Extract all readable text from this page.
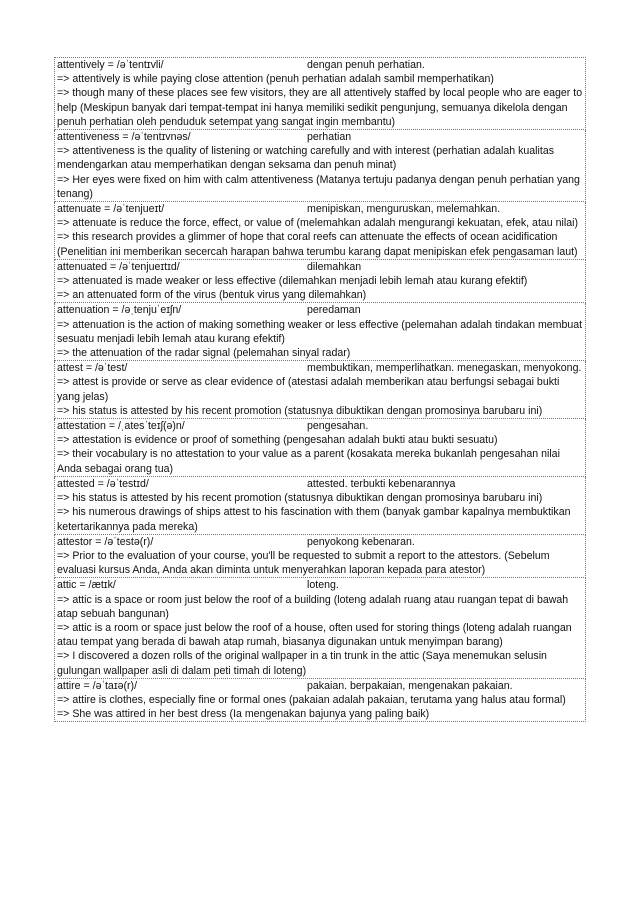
attentively = /əˈtentɪvli/	dengan penuh perhatian.
=> attentively is while paying close attention (penuh perhatian adalah sambil memperhatikan)
=> though many of these places see few visitors, they are all attentively staffed by local people who are eager to help (Meskipun banyak dari tempat-tempat ini hanya memiliki sedikit pengunjung, semuanya dikelola dengan penuh perhatian oleh penduduk setempat yang sangat ingin membantu)
attentiveness = /əˈtentɪvnəs/	perhatian
=> attentiveness is the quality of listening or watching carefully and with interest (perhatian adalah kualitas mendengarkan atau memperhatikan dengan seksama dan penuh minat)
=> Her eyes were fixed on him with calm attentiveness (Matanya tertuju padanya dengan penuh perhatian yang tenang)
attenuate = /əˈtenjueɪt/	menipiskan, menguruskan, melemahkan.
=> attenuate is reduce the force, effect, or value of (melemahkan adalah mengurangi kekuatan, efek, atau nilai)
=> this research provides a glimmer of hope that coral reefs can attenuate the effects of ocean acidification (Penelitian ini memberikan secercah harapan bahwa terumbu karang dapat menipiskan efek pengasaman laut)
attenuated = /əˈtenjueɪtɪd/	dilemahkan
=> attenuated is made weaker or less effective (dilemahkan menjadi lebih lemah atau kurang efektif)
=> an attenuated form of the virus (bentuk virus yang dilemahkan)
attenuation = /əˌtenjuˈeɪʃn/	peredaman
=> attenuation is the action of making something weaker or less effective (pelemahan adalah tindakan membuat sesuatu menjadi lebih lemah atau kurang efektif)
=> the attenuation of the radar signal (pelemahan sinyal radar)
attest = /əˈtest/	membuktikan, memperlihatkan. menegaskan, menyokong.
=> attest is provide or serve as clear evidence of (atestasi adalah memberikan atau berfungsi sebagai bukti yang jelas)
=> his status is attested by his recent promotion (statusnya dibuktikan dengan promosinya barubaru ini)
attestation = /ˌatesˈteɪʃ(ə)n/	pengesahan.
=> attestation is evidence or proof of something (pengesahan adalah bukti atau bukti sesuatu)
=> their vocabulary is no attestation to your value as a parent (kosakata mereka bukanlah pengesahan nilai Anda sebagai orang tua)
attested = /əˈtestɪd/	attested. terbukti kebenarannya
=> his status is attested by his recent promotion (statusnya dibuktikan dengan promosinya barubaru ini)
=> his numerous drawings of ships attest to his fascination with them (banyak gambar kapalnya membuktikan ketertarikannya pada mereka)
attestor = /əˈtestə(r)/	penyokong kebenaran.
=> Prior to the evaluation of your course, you'll be requested to submit a report to the attestors. (Sebelum evaluasi kursus Anda, Anda akan diminta untuk menyerahkan laporan kepada para atestor)
attic = /ætɪk/	loteng.
=> attic is a space or room just below the roof of a building (loteng adalah ruang atau ruangan tepat di bawah atap sebuah bangunan)
=> attic is a room or space just below the roof of a house, often used for storing things (loteng adalah ruangan atau tempat yang berada di bawah atap rumah, biasanya digunakan untuk menyimpan barang)
=> I discovered a dozen rolls of the original wallpaper in a tin trunk in the attic (Saya menemukan selusin gulungan wallpaper asli di dalam peti timah di loteng)
attire = /əˈtaɪə(r)/	pakaian. berpakaian, mengenakan pakaian.
=> attire is clothes, especially fine or formal ones (pakaian adalah pakaian, terutama yang halus atau formal)
=> She was attired in her best dress (Ia mengenakan bajunya yang paling baik)
